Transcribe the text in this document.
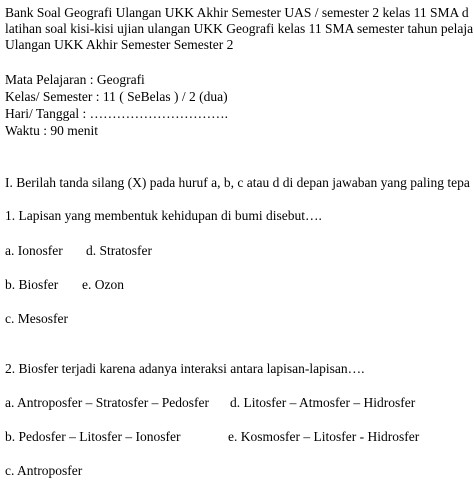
Bank Soal Geografi Ulangan UKK Akhir Semester UAS / semester 2 kelas 11 SMA d
latihan soal kisi-kisi ujian ulangan UKK Geografi kelas 11 SMA semester tahun pelaja
Ulangan UKK Akhir Semester Semester 2
Mata Pelajaran : Geografi
Kelas/ Semester : 11 ( SeBelas ) / 2 (dua)
Hari/ Tanggal : ………………………….
Waktu : 90 menit
I. Berilah tanda silang (X) pada huruf a, b, c atau d di depan jawaban yang paling tepa
1. Lapisan yang membentuk kehidupan di bumi disebut….
a. Ionosfer d. Stratosfer
b. Biosfer e. Ozon
c. Mesosfer
2. Biosfer terjadi karena adanya interaksi antara lapisan-lapisan….
a. Antroposfer – Stratosfer – Pedosfer d. Litosfer – Atmosfer – Hidrosfer
b. Pedosfer – Litosfer – Ionosfer	e. Kosmosfer – Litosfer - Hidrosfer
c. Antroposfer
